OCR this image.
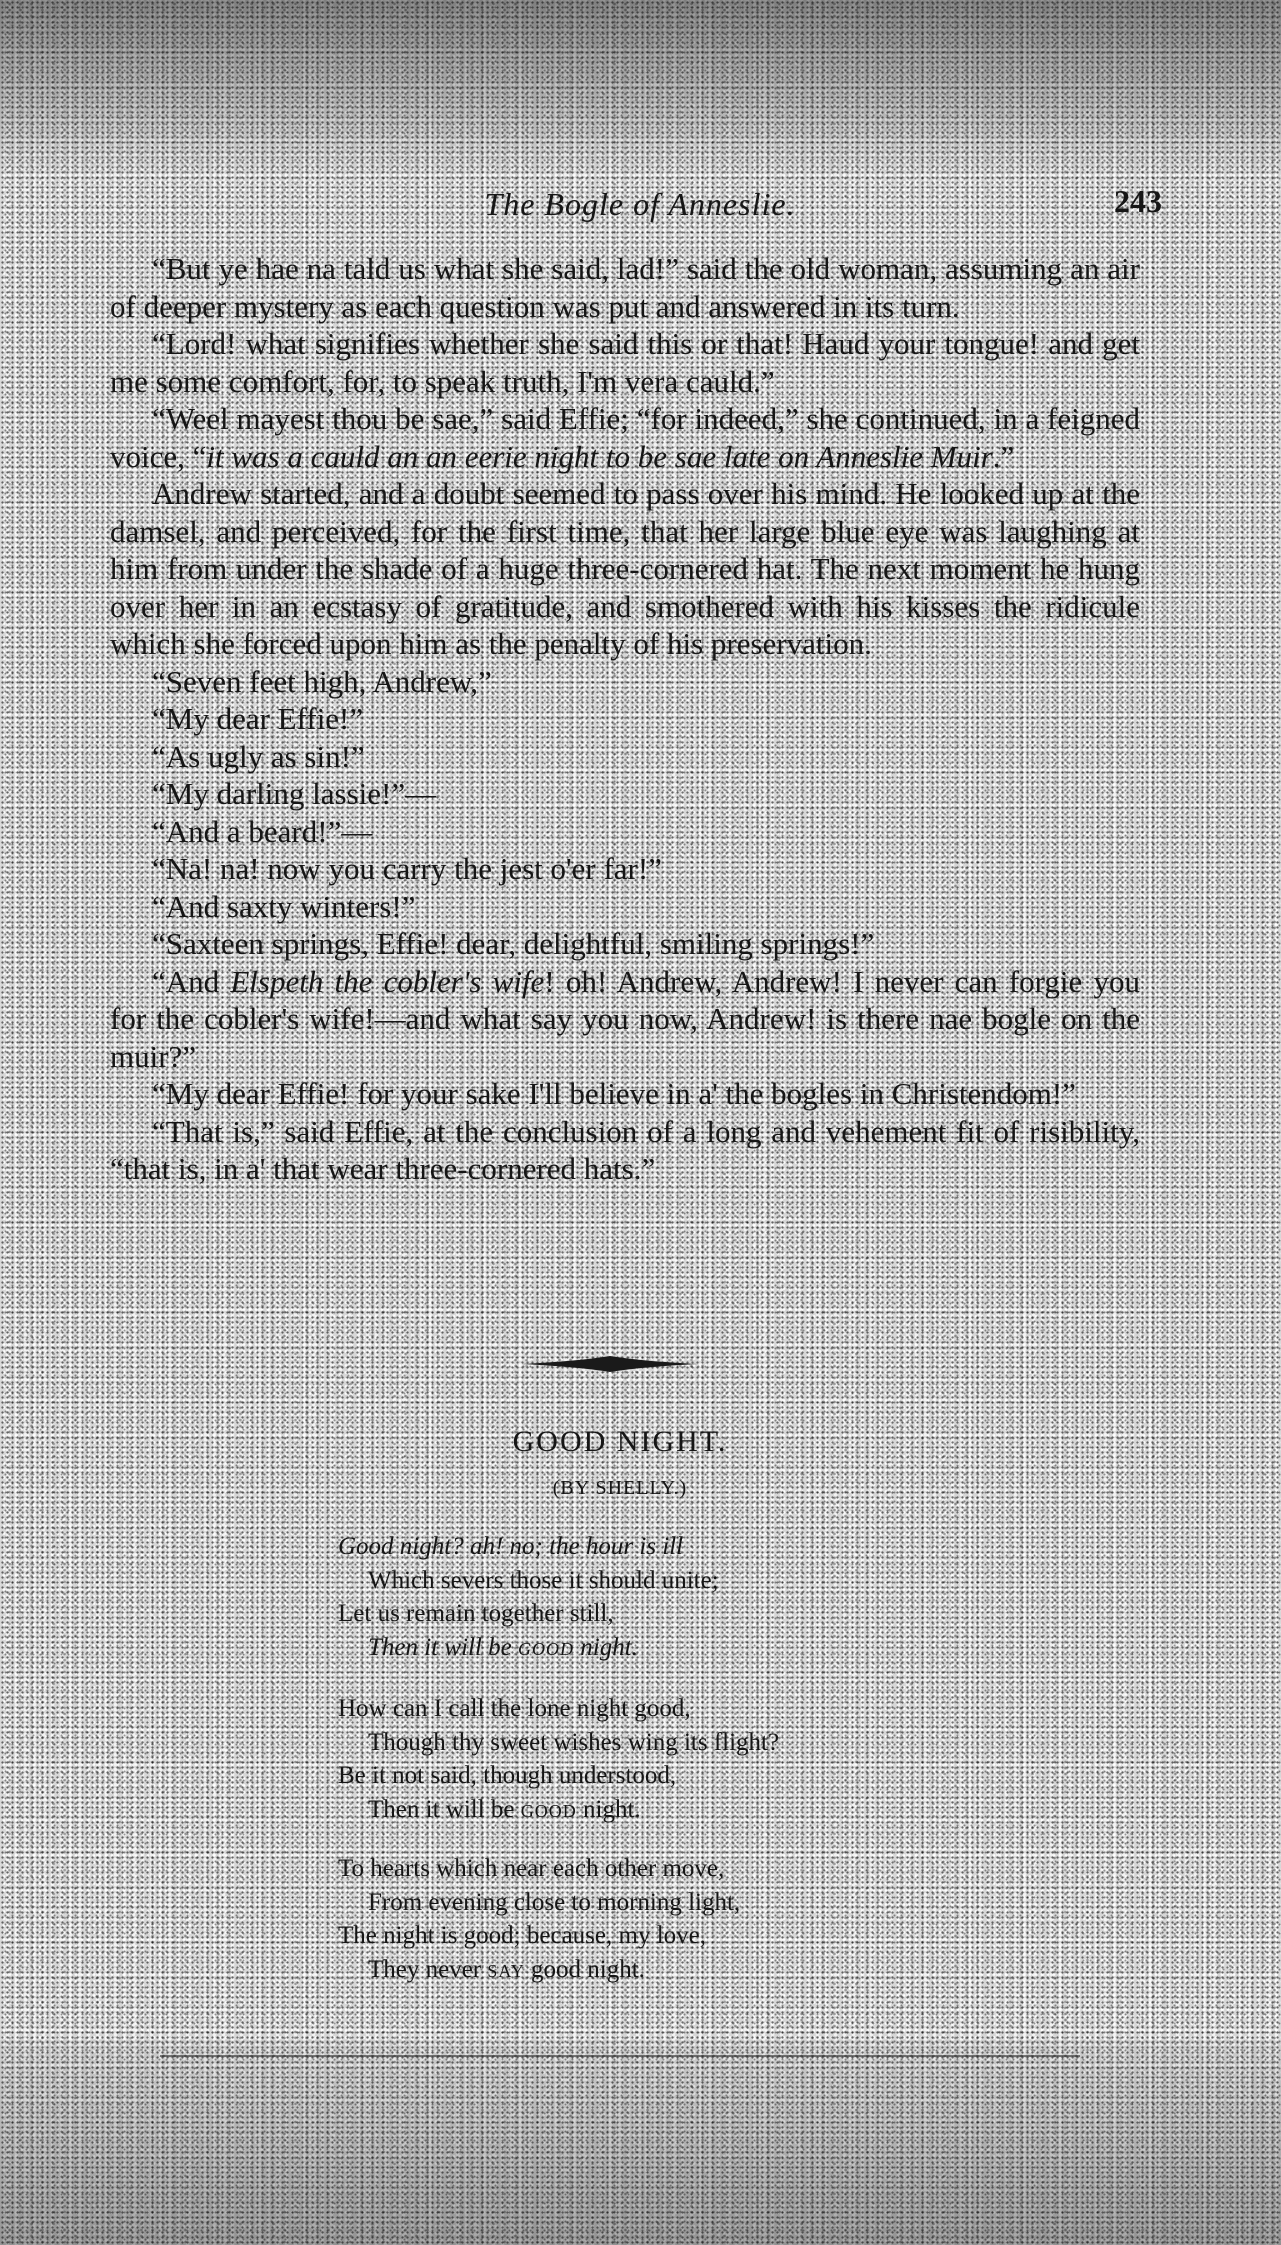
The Bogle of Anneslie.	243

“But ye hae na tald us what she said, lad!” said the old woman, assuming an air of deeper mystery as each question was put and answered in its turn.

“Lord! what signifies whether she said this or that! Haud your tongue! and get me some comfort, for, to speak truth, I'm vera cauld.”

“Weel mayest thou be sae,” said Effie; “for indeed,” she continued, in a feigned voice, “it was a cauld an an eerie night to be sae late on Anneslie Muir.”

Andrew started, and a doubt seemed to pass over his mind. He looked up at the damsel, and perceived, for the first time, that her large blue eye was laughing at him from under the shade of a huge three-cornered hat. The next moment he hung over her in an ecstasy of gratitude, and smothered with his kisses the ridicule which she forced upon him as the penalty of his preservation.

“Seven feet high, Andrew,”

“My dear Effie!”

“As ugly as sin!”

“My darling lassie!”—

“And a beard!”—

“Na! na! now you carry the jest o'er far!”

“And saxty winters!”

“Saxteen springs, Effie! dear, delightful, smiling springs!”

“And Elspeth the cobler's wife! oh! Andrew, Andrew! I never can forgie you for the cobler's wife!—and what say you now, Andrew! is there nae bogle on the muir?”

“My dear Effie! for your sake I'll believe in a' the bogles in Christendom!”

“That is,” said Effie, at the conclusion of a long and vehement fit of risibility, “that is, in a' that wear three-cornered hats.”

GOOD NIGHT.
(BY SHELLY.)
Good night? ah! no; the hour is ill
Which severs those it should unite;
Let us remain together still,
Then it will be GOOD night.
How can I call the lone night good,
Though thy sweet wishes wing its flight?
Be it not said, though understood,
Then it will be GOOD night.
To hearts which near each other move,
From evening close to morning light,
The night is good; because, my love,
They never SAY good night.
